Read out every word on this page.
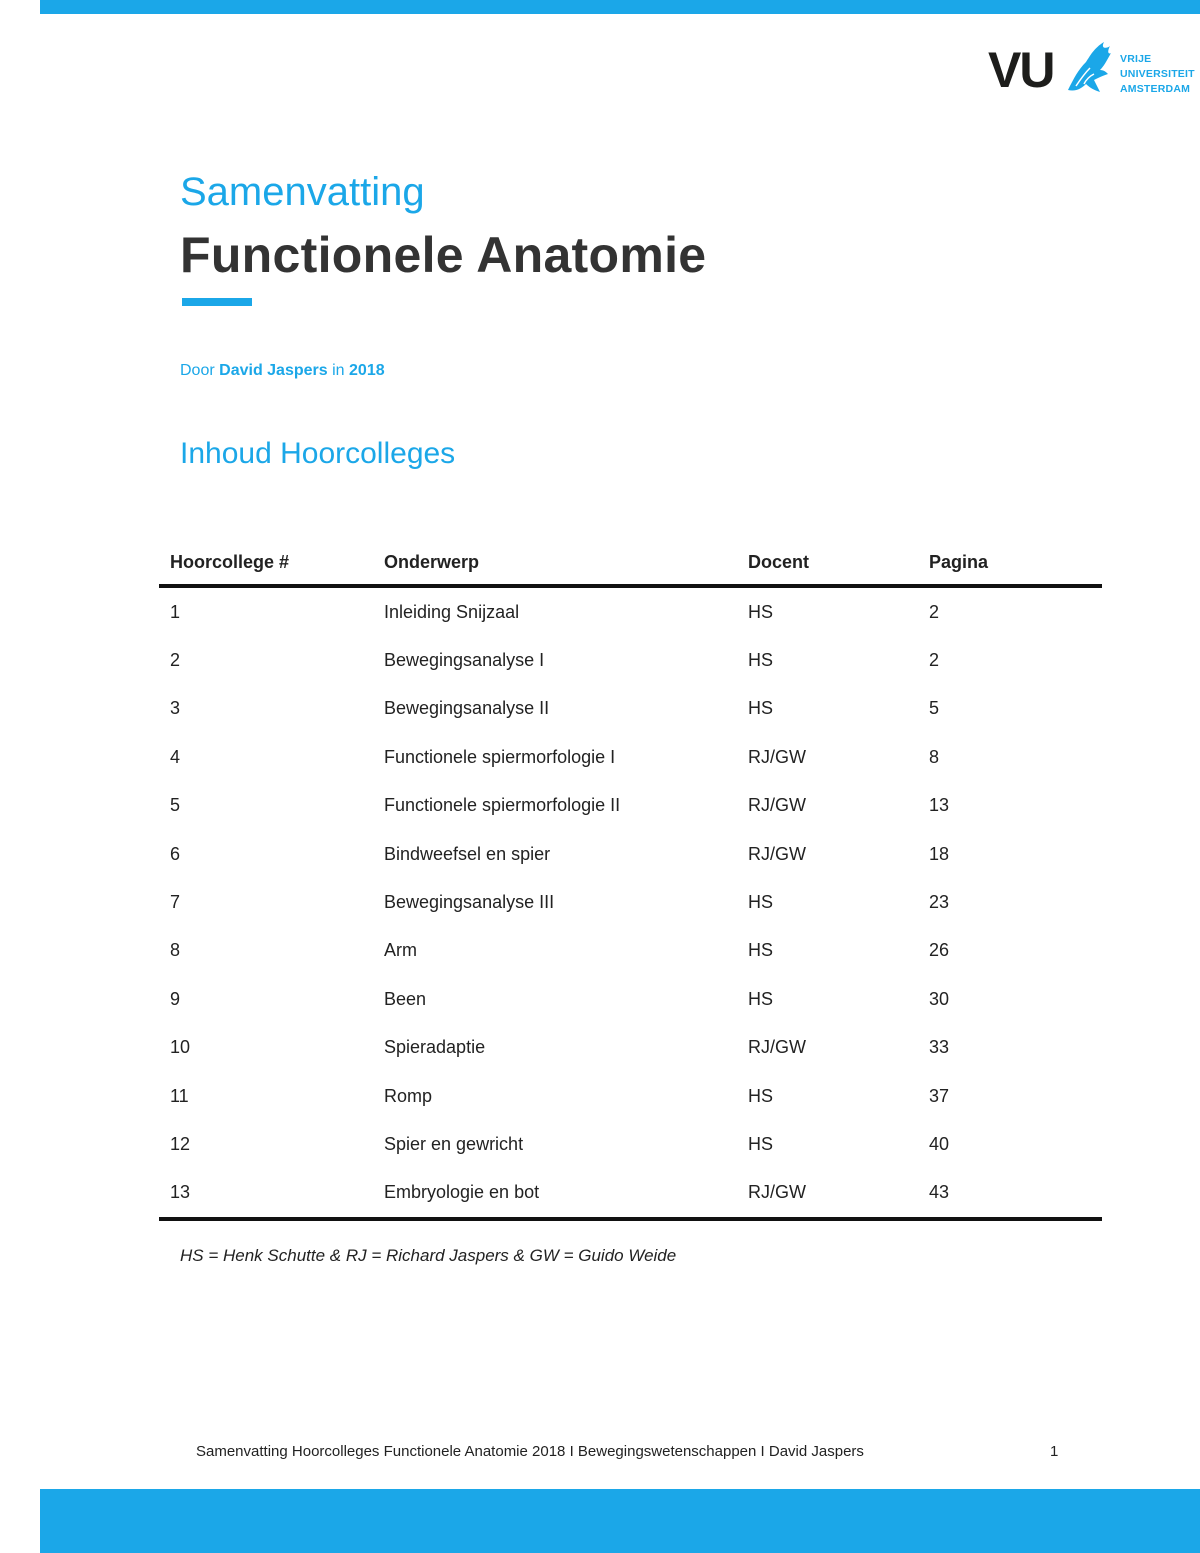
VU	VRIJE
UNIVERSITEIT
AMSTERDAM
Samenvatting
Functionele Anatomie
Door David Jaspers in 2018
Inhoud Hoorcolleges
Hoorcollege #	Onderwerp	Docent	Pagina
1	Inleiding Snijzaal	HS	2
2	Bewegingsanalyse I	HS	2
3	Bewegingsanalyse II	HS	5
4	Functionele spiermorfologie I	RJ/GW	8
5	Functionele spiermorfologie II	RJ/GW	13
6	Bindweefsel en spier	RJ/GW	18
7	Bewegingsanalyse III	HS	23
8	Arm	HS	26
9	Been	HS	30
10	Spieradaptie	RJ/GW	33
11	Romp	HS	37
12	Spier en gewricht	HS	40
13	Embryologie en bot	RJ/GW	43
HS = Henk Schutte & RJ = Richard Jaspers & GW = Guido Weide
Samenvatting Hoorcolleges Functionele Anatomie 2018 I Bewegingswetenschappen I David Jaspers	1
